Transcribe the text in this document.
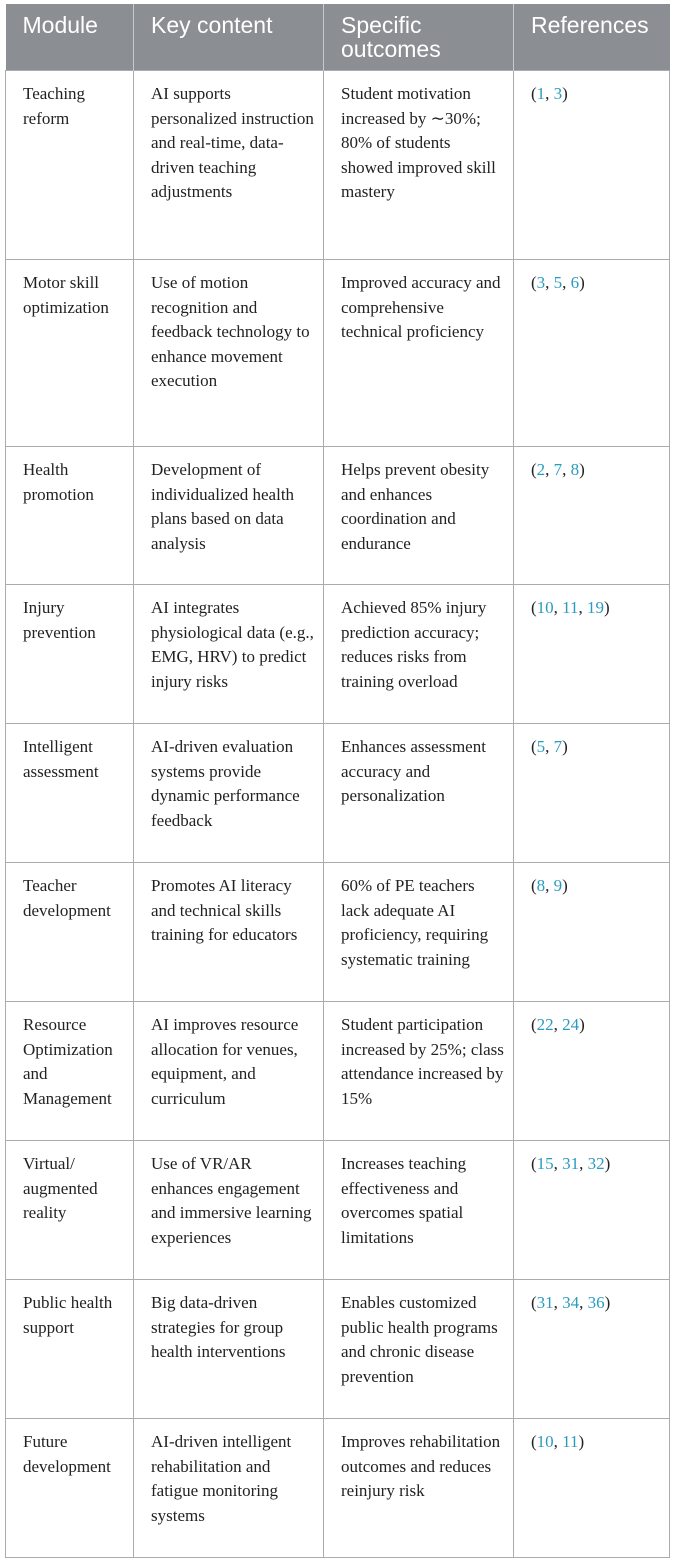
Module	Key content	Specific outcomes	References
Teaching reform	AI supports personalized instruction and real-time, data-driven teaching adjustments	Student motivation increased by ∼30%; 80% of students showed improved skill mastery	(1, 3)
Motor skill optimization	Use of motion recognition and feedback technology to enhance movement execution	Improved accuracy and comprehensive technical proficiency	(3, 5, 6)
Health promotion	Development of individualized health plans based on data analysis	Helps prevent obesity and enhances coordination and endurance	(2, 7, 8)
Injury prevention	AI integrates physiological data (e.g., EMG, HRV) to predict injury risks	Achieved 85% injury prediction accuracy; reduces risks from training overload	(10, 11, 19)
Intelligent assessment	AI-driven evaluation systems provide dynamic performance feedback	Enhances assessment accuracy and personalization	(5, 7)
Teacher development	Promotes AI literacy and technical skills training for educators	60% of PE teachers lack adequate AI proficiency, requiring systematic training	(8, 9)
Resource Optimization and Management	AI improves resource allocation for venues, equipment, and curriculum	Student participation increased by 25%; class attendance increased by 15%	(22, 24)
Virtual/ augmented reality	Use of VR/AR enhances engagement and immersive learning experiences	Increases teaching effectiveness and overcomes spatial limitations	(15, 31, 32)
Public health support	Big data-driven strategies for group health interventions	Enables customized public health programs and chronic disease prevention	(31, 34, 36)
Future development	AI-driven intelligent rehabilitation and fatigue monitoring systems	Improves rehabilitation outcomes and reduces reinjury risk	(10, 11)
